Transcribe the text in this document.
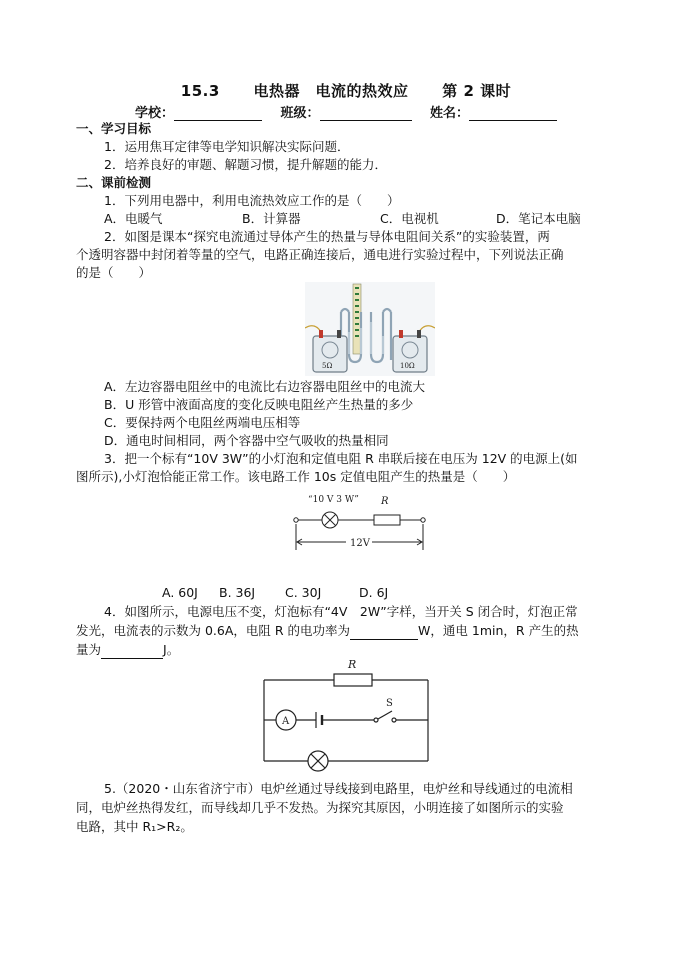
15.3 电热器　电流的热效应 第 2 课时
学校：	班级：	姓名：
一、学习目标
1．运用焦耳定律等电学知识解决实际问题．
2．培养良好的审题、解题习惯，提升解题的能力．
二、课前检测
1．下列用电器中，利用电流热效应工作的是（　　）
A．电暖气	B．计算器	C．电视机	D．笔记本电脑
2．如图是课本“探究电流通过导体产生的热量与导体电阻间关系”的实验装置，两
个透明容器中封闭着等量的空气，电路正确连接后，通电进行实验过程中，下列说法正确
的是（　　）
5Ω	10Ω
A．左边容器电阻丝中的电流比右边容器电阻丝中的电流大
B．U 形管中液面高度的变化反映电阻丝产生热量的多少
C．要保持两个电阻丝两端电压相等
D．通电时间相同，两个容器中空气吸收的热量相同
3．把一个标有“10V 3W”的小灯泡和定值电阻 R 串联后接在电压为 12V 的电源上(如
图所示),小灯泡恰能正常工作。该电路工作 10s 定值电阻产生的热量是（　　）
“10 V 3 W” R
12V
A. 60J B. 36J C. 30J	D. 6J
4．如图所示，电源电压不变，灯泡标有“4V　2W”字样，当开关 S 闭合时，灯泡正常
发光，电流表的示数为 0.6A，电阻 R 的电功率为	W，通电 1min，R 产生的热
量为	J。
R
S
A
5.（2020・山东省济宁市）电炉丝通过导线接到电路里，电炉丝和导线通过的电流相
同，电炉丝热得发红，而导线却几乎不发热。为探究其原因，小明连接了如图所示的实验
电路，其中 R₁>R₂。
